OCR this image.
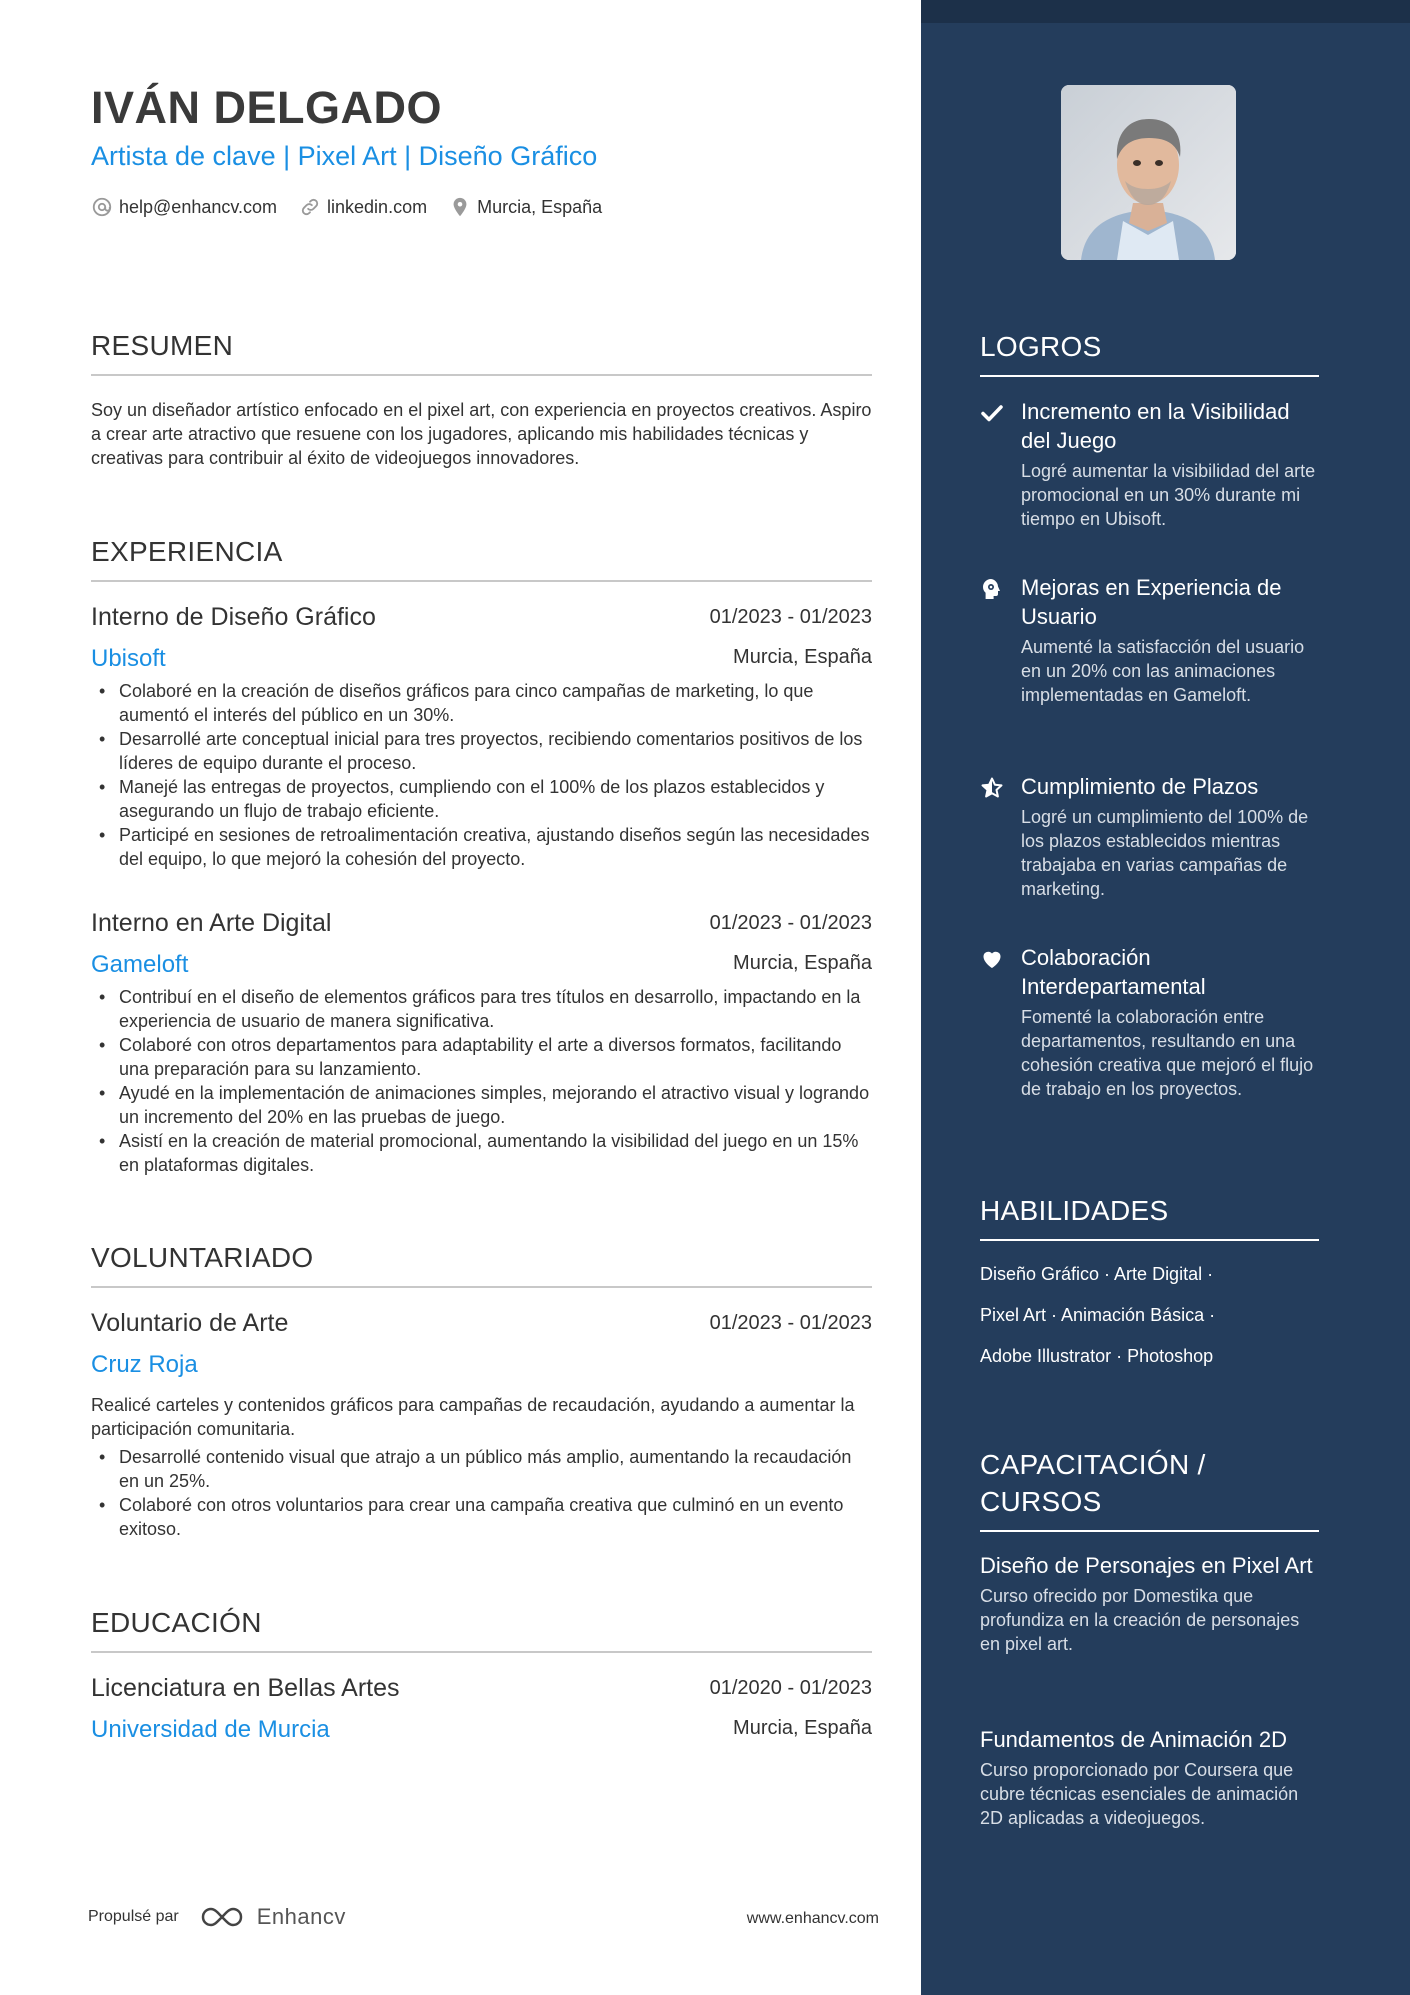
IVÁN DELGADO
Artista de clave | Pixel Art | Diseño Gráfico
help@enhancv.com	linkedin.com	Murcia, España
RESUMEN
Soy un diseñador artístico enfocado en el pixel art, con experiencia en proyectos creativos. Aspiro a crear arte atractivo que resuene con los jugadores, aplicando mis habilidades técnicas y creativas para contribuir al éxito de videojuegos innovadores.
EXPERIENCIA
Interno de Diseño Gráfico	01/2023 - 01/2023
Ubisoft	Murcia, España
• Colaboré en la creación de diseños gráficos para cinco campañas de marketing, lo que aumentó el interés del público en un 30%.
• Desarrollé arte conceptual inicial para tres proyectos, recibiendo comentarios positivos de los líderes de equipo durante el proceso.
• Manejé las entregas de proyectos, cumpliendo con el 100% de los plazos establecidos y asegurando un flujo de trabajo eficiente.
• Participé en sesiones de retroalimentación creativa, ajustando diseños según las necesidades del equipo, lo que mejoró la cohesión del proyecto.
Interno en Arte Digital	01/2023 - 01/2023
Gameloft	Murcia, España
• Contribuí en el diseño de elementos gráficos para tres títulos en desarrollo, impactando en la experiencia de usuario de manera significativa.
• Colaboré con otros departamentos para adaptability el arte a diversos formatos, facilitando una preparación para su lanzamiento.
• Ayudé en la implementación de animaciones simples, mejorando el atractivo visual y logrando un incremento del 20% en las pruebas de juego.
• Asistí en la creación de material promocional, aumentando la visibilidad del juego en un 15% en plataformas digitales.
VOLUNTARIADO
Voluntario de Arte	01/2023 - 01/2023
Cruz Roja
Realicé carteles y contenidos gráficos para campañas de recaudación, ayudando a aumentar la participación comunitaria.
• Desarrollé contenido visual que atrajo a un público más amplio, aumentando la recaudación en un 25%.
• Colaboré con otros voluntarios para crear una campaña creativa que culminó en un evento exitoso.
EDUCACIÓN
Licenciatura en Bellas Artes	01/2020 - 01/2023
Universidad de Murcia	Murcia, España
Propulsé par	Enhancv	www.enhancv.com
LOGROS
Incremento en la Visibilidad del Juego
Logré aumentar la visibilidad del arte promocional en un 30% durante mi tiempo en Ubisoft.
Mejoras en Experiencia de Usuario
Aumenté la satisfacción del usuario en un 20% con las animaciones implementadas en Gameloft.
Cumplimiento de Plazos
Logré un cumplimiento del 100% de los plazos establecidos mientras trabajaba en varias campañas de marketing.
Colaboración Interdepartamental
Fomenté la colaboración entre departamentos, resultando en una cohesión creativa que mejoró el flujo de trabajo en los proyectos.
HABILIDADES
Diseño Gráfico · Arte Digital ·
Pixel Art · Animación Básica ·
Adobe Illustrator · Photoshop
CAPACITACIÓN / CURSOS
Diseño de Personajes en Pixel Art
Curso ofrecido por Domestika que profundiza en la creación de personajes en pixel art.
Fundamentos de Animación 2D
Curso proporcionado por Coursera que cubre técnicas esenciales de animación 2D aplicadas a videojuegos.
